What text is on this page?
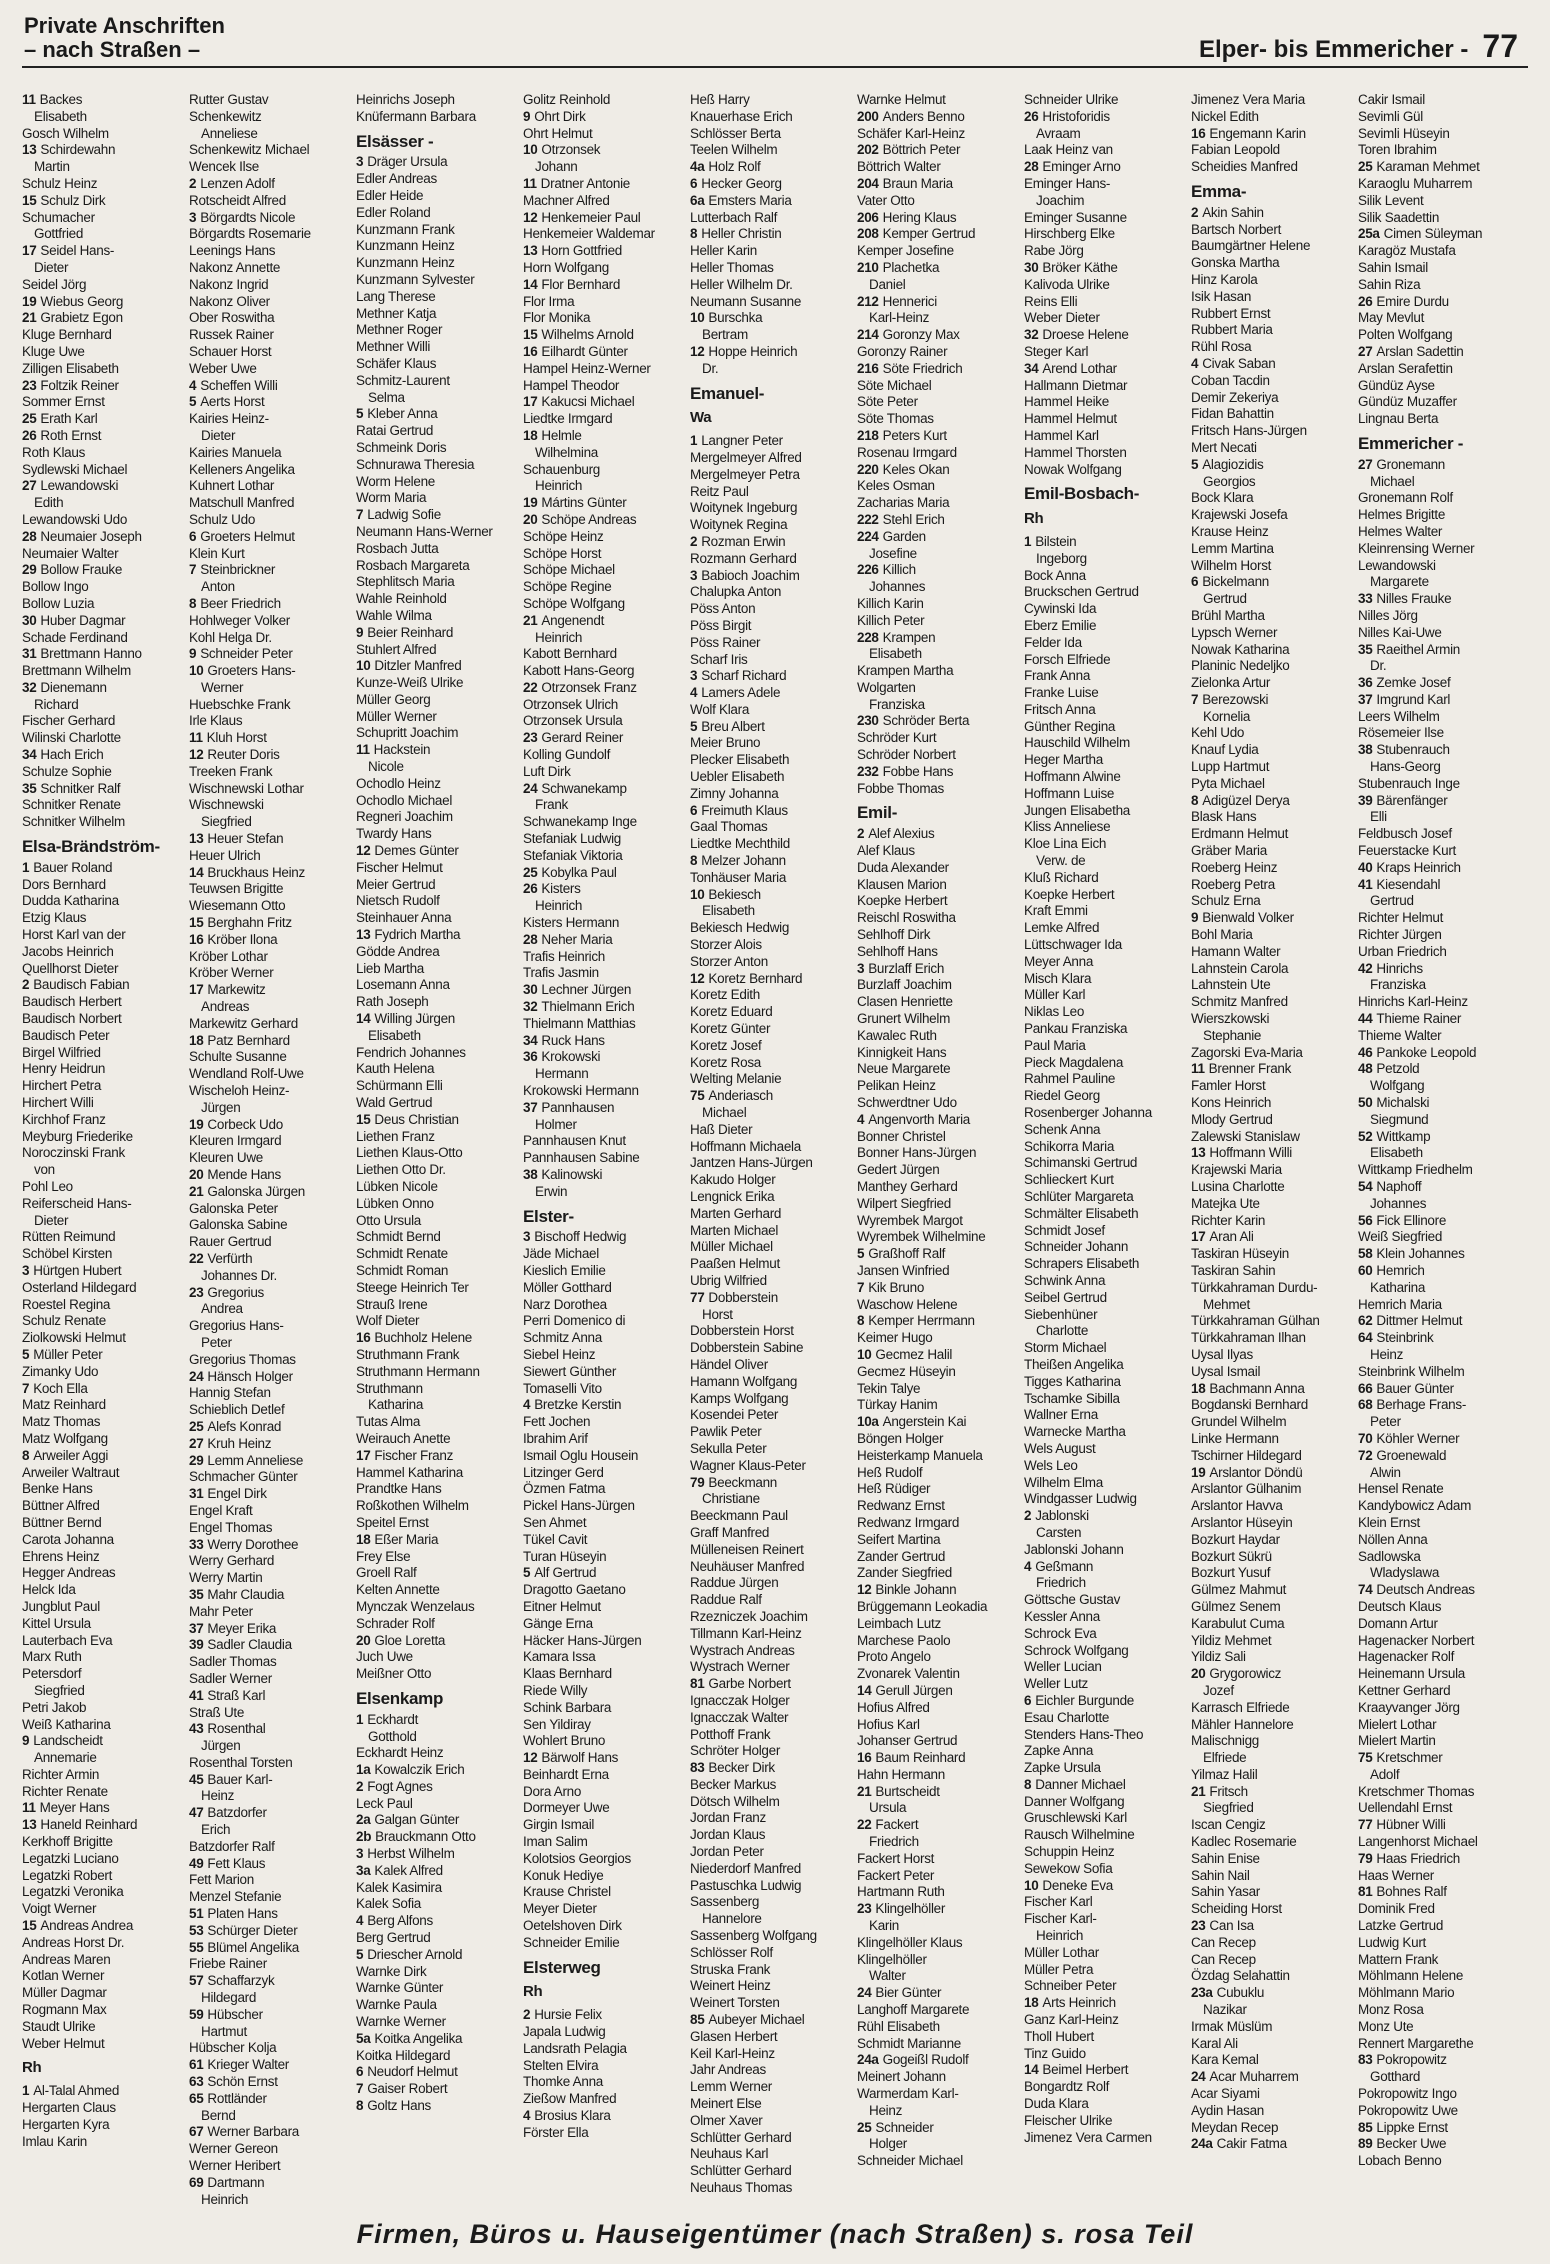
Private Anschriften
– nach Straßen –	Elper- bis Emmericher - 77
11 Backes
Elisabeth
Gosch Wilhelm
13 Schirdewahn
Martin
Schulz Heinz
15 Schulz Dirk
Schumacher
Gottfried
17 Seidel Hans-
Dieter
Seidel Jörg
19 Wiebus Georg
21 Grabietz Egon
Kluge Bernhard
Kluge Uwe
Zilligen Elisabeth
23 Foltzik Reiner
Sommer Ernst
25 Erath Karl
26 Roth Ernst
Roth Klaus
Sydlewski Michael
27 Lewandowski
Edith
Lewandowski Udo
28 Neumaier Joseph
Neumaier Walter
29 Bollow Frauke
Bollow Ingo
Bollow Luzia
30 Huber Dagmar
Schade Ferdinand
31 Brettmann Hanno
Brettmann Wilhelm
32 Dienemann
Richard
Fischer Gerhard
Wilinski Charlotte
34 Hach Erich
Schulze Sophie
35 Schnitker Ralf
Schnitker Renate
Schnitker Wilhelm
Elsa-Brändström-
1 Bauer Roland
Dors Bernhard
Dudda Katharina
Etzig Klaus
Horst Karl van der
Jacobs Heinrich
Quellhorst Dieter
2 Baudisch Fabian
Baudisch Herbert
Baudisch Norbert
Baudisch Peter
Birgel Wilfried
Henry Heidrun
Hirchert Petra
Hirchert Willi
Kirchhof Franz
Meyburg Friederike
Noroczinski Frank
von
Pohl Leo
Reiferscheid Hans-
Dieter
Rütten Reimund
Schöbel Kirsten
3 Hürtgen Hubert
Osterland Hildegard
Roestel Regina
Schulz Renate
Ziolkowski Helmut
5 Müller Peter
Zimanky Udo
7 Koch Ella
Matz Reinhard
Matz Thomas
Matz Wolfgang
8 Arweiler Aggi
Arweiler Waltraut
Benke Hans
Büttner Alfred
Büttner Bernd
Carota Johanna
Ehrens Heinz
Hegger Andreas
Helck Ida
Jungblut Paul
Kittel Ursula
Lauterbach Eva
Marx Ruth
Petersdorf
Siegfried
Petri Jakob
Weiß Katharina
9 Landscheidt
Annemarie
Richter Armin
Richter Renate
11 Meyer Hans
13 Haneld Reinhard
Kerkhoff Brigitte
Legatzki Luciano
Legatzki Robert
Legatzki Veronika
Voigt Werner
15 Andreas Andrea
Andreas Horst Dr.
Andreas Maren
Kotlan Werner
Müller Dagmar
Rogmann Max
Staudt Ulrike
Weber Helmut
Rh
1 Al-Talal Ahmed
Hergarten Claus
Hergarten Kyra
Imlau Karin
Rutter Gustav
Schenkewitz
Anneliese
Schenkewitz Michael
Wencek Ilse
2 Lenzen Adolf
Rotscheidt Alfred
3 Börgardts Nicole
Börgardts Rosemarie
Leenings Hans
Nakonz Annette
Nakonz Ingrid
Nakonz Oliver
Ober Roswitha
Russek Rainer
Schauer Horst
Weber Uwe
4 Scheffen Willi
5 Aerts Horst
Kairies Heinz-
Dieter
Kairies Manuela
Kelleners Angelika
Kuhnert Lothar
Matschull Manfred
Schulz Udo
6 Groeters Helmut
Klein Kurt
7 Steinbrickner
Anton
8 Beer Friedrich
Hohlweger Volker
Kohl Helga Dr.
9 Schneider Peter
10 Groeters Hans-
Werner
Huebschke Frank
Irle Klaus
11 Kluh Horst
12 Reuter Doris
Treeken Frank
Wischnewski Lothar
Wischnewski
Siegfried
13 Heuer Stefan
Heuer Ulrich
14 Bruckhaus Heinz
Teuwsen Brigitte
Wiesemann Otto
15 Berghahn Fritz
16 Kröber Ilona
Kröber Lothar
Kröber Werner
17 Markewitz
Andreas
Markewitz Gerhard
18 Patz Bernhard
Schulte Susanne
Wendland Rolf-Uwe
Wischeloh Heinz-
Jürgen
19 Corbeck Udo
Kleuren Irmgard
Kleuren Uwe
20 Mende Hans
21 Galonska Jürgen
Galonska Peter
Galonska Sabine
Rauer Gertrud
22 Verfürth
Johannes Dr.
23 Gregorius
Andrea
Gregorius Hans-
Peter
Gregorius Thomas
24 Hänsch Holger
Hannig Stefan
Schieblich Detlef
25 Alefs Konrad
27 Kruh Heinz
29 Lemm Anneliese
Schmacher Günter
31 Engel Dirk
Engel Kraft
Engel Thomas
33 Werry Dorothee
Werry Gerhard
Werry Martin
35 Mahr Claudia
Mahr Peter
37 Meyer Erika
39 Sadler Claudia
Sadler Thomas
Sadler Werner
41 Straß Karl
Straß Ute
43 Rosenthal
Jürgen
Rosenthal Torsten
45 Bauer Karl-
Heinz
47 Batzdorfer
Erich
Batzdorfer Ralf
49 Fett Klaus
Fett Marion
Menzel Stefanie
51 Platen Hans
53 Schürger Dieter
55 Blümel Angelika
Friebe Rainer
57 Schaffarzyk
Hildegard
59 Hübscher
Hartmut
Hübscher Kolja
61 Krieger Walter
63 Schön Ernst
65 Rottländer
Bernd
67 Werner Barbara
Werner Gereon
Werner Heribert
69 Dartmann
Heinrich
Heinrichs Joseph
Knüfermann Barbara
Elsässer -
3 Dräger Ursula
Edler Andreas
Edler Heide
Edler Roland
Kunzmann Frank
Kunzmann Heinz
Kunzmann Heinz
Kunzmann Sylvester
Lang Therese
Methner Katja
Methner Roger
Methner Willi
Schäfer Klaus
Schmitz-Laurent
Selma
5 Kleber Anna
Ratai Gertrud
Schmeink Doris
Schnurawa Theresia
Worm Helene
Worm Maria
7 Ladwig Sofie
Neumann Hans-Werner
Rosbach Jutta
Rosbach Margareta
Stephlitsch Maria
Wahle Reinhold
Wahle Wilma
9 Beier Reinhard
Stuhlert Alfred
10 Ditzler Manfred
Kunze-Weiß Ulrike
Müller Georg
Müller Werner
Schupritt Joachim
11 Hackstein
Nicole
Ochodlo Heinz
Ochodlo Michael
Regneri Joachim
Twardy Hans
12 Demes Günter
Fischer Helmut
Meier Gertrud
Nietsch Rudolf
Steinhauer Anna
13 Fydrich Martha
Gödde Andrea
Lieb Martha
Losemann Anna
Rath Joseph
14 Willing Jürgen
Elisabeth
Fendrich Johannes
Kauth Helena
Schürmann Elli
Wald Gertrud
15 Deus Christian
Liethen Franz
Liethen Klaus-Otto
Liethen Otto Dr.
Lübken Nicole
Lübken Onno
Otto Ursula
Schmidt Bernd
Schmidt Renate
Schmidt Roman
Steege Heinrich Ter
Strauß Irene
Wolf Dieter
16 Buchholz Helene
Struthmann Frank
Struthmann Hermann
Struthmann
Katharina
Tutas Alma
Weirauch Anette
17 Fischer Franz
Hammel Katharina
Prandtke Hans
Roßkothen Wilhelm
Speitel Ernst
18 Eßer Maria
Frey Else
Groell Ralf
Kelten Annette
Mynczak Wenzelaus
Schrader Rolf
20 Gloe Loretta
Juch Uwe
Meißner Otto
Elsenkamp
1 Eckhardt
Gotthold
Eckhardt Heinz
1a Kowalczik Erich
2 Fogt Agnes
Leck Paul
2a Galgan Günter
2b Brauckmann Otto
3 Herbst Wilhelm
3a Kalek Alfred
Kalek Kasimira
Kalek Sofia
4 Berg Alfons
Berg Gertrud
5 Driescher Arnold
Warnke Dirk
Warnke Günter
Warnke Paula
Warnke Werner
5a Koitka Angelika
Koitka Hildegard
6 Neudorf Helmut
7 Gaiser Robert
8 Goltz Hans
Golitz Reinhold
9 Ohrt Dirk
Ohrt Helmut
10 Otrzonsek
Johann
11 Dratner Antonie
Machner Alfred
12 Henkemeier Paul
Henkemeier Waldemar
13 Horn Gottfried
Horn Wolfgang
14 Flor Bernhard
Flor Irma
Flor Monika
15 Wilhelms Arnold
16 Eilhardt Günter
Hampel Heinz-Werner
Hampel Theodor
17 Kakucsi Michael
Liedtke Irmgard
18 Helmle
Wilhelmina
Schauenburg
Heinrich
19 Mártins Günter
20 Schöpe Andreas
Schöpe Heinz
Schöpe Horst
Schöpe Michael
Schöpe Regine
Schöpe Wolfgang
21 Angenendt
Heinrich
Kabott Bernhard
Kabott Hans-Georg
22 Otrzonsek Franz
Otrzonsek Ulrich
Otrzonsek Ursula
23 Gerard Reiner
Kolling Gundolf
Luft Dirk
24 Schwanekamp
Frank
Schwanekamp Inge
Stefaniak Ludwig
Stefaniak Viktoria
25 Kobylka Paul
26 Kisters
Heinrich
Kisters Hermann
28 Neher Maria
Trafis Heinrich
Trafis Jasmin
30 Lechner Jürgen
32 Thielmann Erich
Thielmann Matthias
34 Ruck Hans
36 Krokowski
Hermann
Krokowski Hermann
37 Pannhausen
Holmer
Pannhausen Knut
Pannhausen Sabine
38 Kalinowski
Erwin
Elster-
3 Bischoff Hedwig
Jäde Michael
Kieslich Emilie
Möller Gotthard
Narz Dorothea
Perri Domenico di
Schmitz Anna
Siebel Heinz
Siewert Günther
Tomaselli Vito
4 Bretzke Kerstin
Fett Jochen
Ibrahim Arif
Ismail Oglu Housein
Litzinger Gerd
Özmen Fatma
Pickel Hans-Jürgen
Sen Ahmet
Tükel Cavit
Turan Hüseyin
5 Alf Gertrud
Dragotto Gaetano
Eitner Helmut
Gänge Erna
Häcker Hans-Jürgen
Kamara Issa
Klaas Bernhard
Riede Willy
Schink Barbara
Sen Yildiray
Wohlert Bruno
12 Bärwolf Hans
Beinhardt Erna
Dora Arno
Dormeyer Uwe
Girgin Ismail
Iman Salim
Kolotsios Georgios
Konuk Hediye
Krause Christel
Meyer Dieter
Oetelshoven Dirk
Schneider Emilie
Elsterweg
Rh
2 Hursie Felix
Japala Ludwig
Landsrath Pelagia
Stelten Elvira
Thomke Anna
Zießow Manfred
4 Brosius Klara
Förster Ella
Heß Harry
Knauerhase Erich
Schlösser Berta
Teelen Wilhelm
4a Holz Rolf
6 Hecker Georg
6a Emsters Maria
Lutterbach Ralf
8 Heller Christin
Heller Karin
Heller Thomas
Heller Wilhelm Dr.
Neumann Susanne
10 Burschka
Bertram
12 Hoppe Heinrich
Dr.
Emanuel-
Wa
1 Langner Peter
Mergelmeyer Alfred
Mergelmeyer Petra
Reitz Paul
Woitynek Ingeburg
Woitynek Regina
2 Rozman Erwin
Rozmann Gerhard
3 Babioch Joachim
Chalupka Anton
Pöss Anton
Pöss Birgit
Pöss Rainer
Scharf Iris
3 Scharf Richard
4 Lamers Adele
Wolf Klara
5 Breu Albert
Meier Bruno
Plecker Elisabeth
Uebler Elisabeth
Zimny Johanna
6 Freimuth Klaus
Gaal Thomas
Liedtke Mechthild
8 Melzer Johann
Tonhäuser Maria
10 Bekiesch
Elisabeth
Bekiesch Hedwig
Storzer Alois
Storzer Anton
12 Koretz Bernhard
Koretz Edith
Koretz Eduard
Koretz Günter
Koretz Josef
Koretz Rosa
Welting Melanie
75 Anderiasch
Michael
Haß Dieter
Hoffmann Michaela
Jantzen Hans-Jürgen
Kakudo Holger
Lengnick Erika
Marten Gerhard
Marten Michael
Müller Michael
Paaßen Helmut
Ubrig Wilfried
77 Dobberstein
Horst
Dobberstein Horst
Dobberstein Sabine
Händel Oliver
Hamann Wolfgang
Kamps Wolfgang
Kosendei Peter
Pawlik Peter
Sekulla Peter
Wagner Klaus-Peter
79 Beeckmann
Christiane
Beeckmann Paul
Graff Manfred
Mülleneisen Reinert
Neuhäuser Manfred
Raddue Jürgen
Raddue Ralf
Rzezniczek Joachim
Tillmann Karl-Heinz
Wystrach Andreas
Wystrach Werner
81 Garbe Norbert
Ignacczak Holger
Ignacczak Walter
Potthoff Frank
Schröter Holger
83 Becker Dirk
Becker Markus
Dötsch Wilhelm
Jordan Franz
Jordan Klaus
Jordan Peter
Niederdorf Manfred
Pastuschka Ludwig
Sassenberg
Hannelore
Sassenberg Wolfgang
Schlösser Rolf
Struska Frank
Weinert Heinz
Weinert Torsten
85 Aubeyer Michael
Glasen Herbert
Keil Karl-Heinz
Jahr Andreas
Lemm Werner
Meinert Else
Olmer Xaver
Schlütter Gerhard
Neuhaus Karl
Schlütter Gerhard
Neuhaus Thomas
Warnke Helmut
200 Anders Benno
Schäfer Karl-Heinz
202 Böttrich Peter
Böttrich Walter
204 Braun Maria
Vater Otto
206 Hering Klaus
208 Kemper Gertrud
Kemper Josefine
210 Plachetka
Daniel
212 Hennerici
Karl-Heinz
214 Goronzy Max
Goronzy Rainer
216 Söte Friedrich
Söte Michael
Söte Peter
Söte Thomas
218 Peters Kurt
Rosenau Irmgard
220 Keles Okan
Keles Osman
Zacharias Maria
222 Stehl Erich
224 Garden
Josefine
226 Killich
Johannes
Killich Karin
Killich Peter
228 Krampen
Elisabeth
Krampen Martha
Wolgarten
Franziska
230 Schröder Berta
Schröder Kurt
Schröder Norbert
232 Fobbe Hans
Fobbe Thomas
Emil-
2 Alef Alexius
Alef Klaus
Duda Alexander
Klausen Marion
Koepke Herbert
Reischl Roswitha
Sehlhoff Dirk
Sehlhoff Hans
3 Burzlaff Erich
Burzlaff Joachim
Clasen Henriette
Grunert Wilhelm
Kawalec Ruth
Kinnigkeit Hans
Neue Margarete
Pelikan Heinz
Schwerdtner Udo
4 Angenvorth Maria
Bonner Christel
Bonner Hans-Jürgen
Gedert Jürgen
Manthey Gerhard
Wilpert Siegfried
Wyrembek Margot
Wyrembek Wilhelmine
5 Graßhoff Ralf
Jansen Winfried
7 Kik Bruno
Waschow Helene
8 Kemper Herrmann
Keimer Hugo
10 Gecmez Halil
Gecmez Hüseyin
Tekin Talye
Türkay Hanim
10a Angerstein Kai
Böngen Holger
Heisterkamp Manuela
Heß Rudolf
Heß Rüdiger
Redwanz Ernst
Redwanz Irmgard
Seifert Martina
Zander Gertrud
Zander Siegfried
12 Binkle Johann
Brüggemann Leokadia
Leimbach Lutz
Marchese Paolo
Proto Angelo
Zvonarek Valentin
14 Gerull Jürgen
Hofius Alfred
Hofius Karl
Johanser Gertrud
16 Baum Reinhard
Hahn Hermann
21 Burtscheidt
Ursula
22 Fackert
Friedrich
Fackert Horst
Fackert Peter
Hartmann Ruth
23 Klingelhöller
Karin
Klingelhöller Klaus
Klingelhöller
Walter
24 Bier Günter
Langhoff Margarete
Rühl Elisabeth
Schmidt Marianne
24a Gogeißl Rudolf
Meinert Johann
Warmerdam Karl-
Heinz
25 Schneider
Holger
Schneider Michael
Schneider Ulrike
26 Hristoforidis
Avraam
Laak Heinz van
28 Eminger Arno
Eminger Hans-
Joachim
Eminger Susanne
Hirschberg Elke
Rabe Jörg
30 Bröker Käthe
Kalivoda Ulrike
Reins Elli
Weber Dieter
32 Droese Helene
Steger Karl
34 Arend Lothar
Hallmann Dietmar
Hammel Heike
Hammel Helmut
Hammel Karl
Hammel Thorsten
Nowak Wolfgang
Emil-Bosbach-
Rh
1 Bilstein
Ingeborg
Bock Anna
Bruckschen Gertrud
Cywinski Ida
Eberz Emilie
Felder Ida
Forsch Elfriede
Frank Anna
Franke Luise
Fritsch Anna
Günther Regina
Hauschild Wilhelm
Heger Martha
Hoffmann Alwine
Hoffmann Luise
Jungen Elisabetha
Kliss Anneliese
Kloe Lina Eich
Verw. de
Kluß Richard
Koepke Herbert
Kraft Emmi
Lemke Alfred
Lüttschwager Ida
Meyer Anna
Misch Klara
Müller Karl
Niklas Leo
Pankau Franziska
Paul Maria
Pieck Magdalena
Rahmel Pauline
Riedel Georg
Rosenberger Johanna
Schenk Anna
Schikorra Maria
Schimanski Gertrud
Schlieckert Kurt
Schlüter Margareta
Schmälter Elisabeth
Schmidt Josef
Schneider Johann
Schrapers Elisabeth
Schwink Anna
Seibel Gertrud
Siebenhüner
Charlotte
Storm Michael
Theißen Angelika
Tigges Katharina
Tschamke Sibilla
Wallner Erna
Warnecke Martha
Wels August
Wels Leo
Wilhelm Elma
Windgasser Ludwig
2 Jablonski
Carsten
Jablonski Johann
4 Geßmann
Friedrich
Göttsche Gustav
Kessler Anna
Schrock Eva
Schrock Wolfgang
Weller Lucian
Weller Lutz
6 Eichler Burgunde
Esau Charlotte
Stenders Hans-Theo
Zapke Anna
Zapke Ursula
8 Danner Michael
Danner Wolfgang
Gruschlewski Karl
Rausch Wilhelmine
Schuppin Heinz
Sewekow Sofia
10 Deneke Eva
Fischer Karl
Fischer Karl-
Heinrich
Müller Lothar
Müller Petra
Schneiber Peter
18 Arts Heinrich
Ganz Karl-Heinz
Tholl Hubert
Tinz Guido
14 Beimel Herbert
Bongardtz Rolf
Duda Klara
Fleischer Ulrike
Jimenez Vera Carmen
Jimenez Vera Maria
Nickel Edith
16 Engemann Karin
Fabian Leopold
Scheidies Manfred
Emma-
2 Akin Sahin
Bartsch Norbert
Baumgärtner Helene
Gonska Martha
Hinz Karola
Isik Hasan
Rubbert Ernst
Rubbert Maria
Rühl Rosa
4 Civak Saban
Coban Tacdin
Demir Zekeriya
Fidan Bahattin
Fritsch Hans-Jürgen
Mert Necati
5 Alagiozidis
Georgios
Bock Klara
Krajewski Josefa
Krause Heinz
Lemm Martina
Wilhelm Horst
6 Bickelmann
Gertrud
Brühl Martha
Lypsch Werner
Nowak Katharina
Planinic Nedeljko
Zielonka Artur
7 Berezowski
Kornelia
Kehl Udo
Knauf Lydia
Lupp Hartmut
Pyta Michael
8 Adigüzel Derya
Blask Hans
Erdmann Helmut
Gräber Maria
Roeberg Heinz
Roeberg Petra
Schulz Erna
9 Bienwald Volker
Bohl Maria
Hamann Walter
Lahnstein Carola
Lahnstein Ute
Schmitz Manfred
Wierszkowski
Stephanie
Zagorski Eva-Maria
11 Brenner Frank
Famler Horst
Kons Heinrich
Mlody Gertrud
Zalewski Stanislaw
13 Hoffmann Willi
Krajewski Maria
Lusina Charlotte
Matejka Ute
Richter Karin
17 Aran Ali
Taskiran Hüseyin
Taskiran Sahin
Türkkahraman Durdu-
Mehmet
Türkkahraman Gülhan
Türkkahraman Ilhan
Uysal Ilyas
Uysal Ismail
18 Bachmann Anna
Bogdanski Bernhard
Grundel Wilhelm
Linke Hermann
Tschirner Hildegard
19 Arslantor Döndü
Arslantor Gülhanim
Arslantor Havva
Arslantor Hüseyin
Bozkurt Haydar
Bozkurt Sükrü
Bozkurt Yusuf
Gülmez Mahmut
Gülmez Senem
Karabulut Cuma
Yildiz Mehmet
Yildiz Sali
20 Grygorowicz
Jozef
Karrasch Elfriede
Mähler Hannelore
Malischnigg
Elfriede
Yilmaz Halil
21 Fritsch
Siegfried
Iscan Cengiz
Kadlec Rosemarie
Sahin Enise
Sahin Nail
Sahin Yasar
Scheiding Horst
23 Can Isa
Can Recep
Can Recep
Özdag Selahattin
23a Cubuklu
Nazikar
Irmak Müslüm
Karal Ali
Kara Kemal
24 Acar Muharrem
Acar Siyami
Aydin Hasan
Meydan Recep
24a Cakir Fatma
Cakir Ismail
Sevimli Gül
Sevimli Hüseyin
Toren Ibrahim
25 Karaman Mehmet
Karaoglu Muharrem
Silik Levent
Silik Saadettin
25a Cimen Süleyman
Karagöz Mustafa
Sahin Ismail
Sahin Riza
26 Emire Durdu
May Mevlut
Polten Wolfgang
27 Arslan Sadettin
Arslan Serafettin
Gündüz Ayse
Gündüz Muzaffer
Lingnau Berta
Emmericher -
27 Gronemann
Michael
Gronemann Rolf
Helmes Brigitte
Helmes Walter
Kleinrensing Werner
Lewandowski
Margarete
33 Nilles Frauke
Nilles Jörg
Nilles Kai-Uwe
35 Raeithel Armin
Dr.
36 Zemke Josef
37 Imgrund Karl
Leers Wilhelm
Rösemeier Ilse
38 Stubenrauch
Hans-Georg
Stubenrauch Inge
39 Bärenfänger
Elli
Feldbusch Josef
Feuerstacke Kurt
40 Kraps Heinrich
41 Kiesendahl
Gertrud
Richter Helmut
Richter Jürgen
Urban Friedrich
42 Hinrichs
Franziska
Hinrichs Karl-Heinz
44 Thieme Rainer
Thieme Walter
46 Pankoke Leopold
48 Petzold
Wolfgang
50 Michalski
Siegmund
52 Wittkamp
Elisabeth
Wittkamp Friedhelm
54 Naphoff
Johannes
56 Fick Ellinore
Weiß Siegfried
58 Klein Johannes
60 Hemrich
Katharina
Hemrich Maria
62 Dittmer Helmut
64 Steinbrink
Heinz
Steinbrink Wilhelm
66 Bauer Günter
68 Berhage Frans-
Peter
70 Köhler Werner
72 Groenewald
Alwin
Hensel Renate
Kandybowicz Adam
Klein Ernst
Nöllen Anna
Sadlowska
Wladyslawa
74 Deutsch Andreas
Deutsch Klaus
Domann Artur
Hagenacker Norbert
Hagenacker Rolf
Heinemann Ursula
Kettner Gerhard
Kraayvanger Jörg
Mielert Lothar
Mielert Martin
75 Kretschmer
Adolf
Kretschmer Thomas
Uellendahl Ernst
77 Hübner Willi
Langenhorst Michael
79 Haas Friedrich
Haas Werner
81 Bohnes Ralf
Dominik Fred
Latzke Gertrud
Ludwig Kurt
Mattern Frank
Möhlmann Helene
Möhlmann Mario
Monz Rosa
Monz Ute
Rennert Margarethe
83 Pokropowitz
Gotthard
Pokropowitz Ingo
Pokropowitz Uwe
85 Lippke Ernst
89 Becker Uwe
Lobach Benno
Firmen, Büros u. Hauseigentümer (nach Straßen) s. rosa Teil
